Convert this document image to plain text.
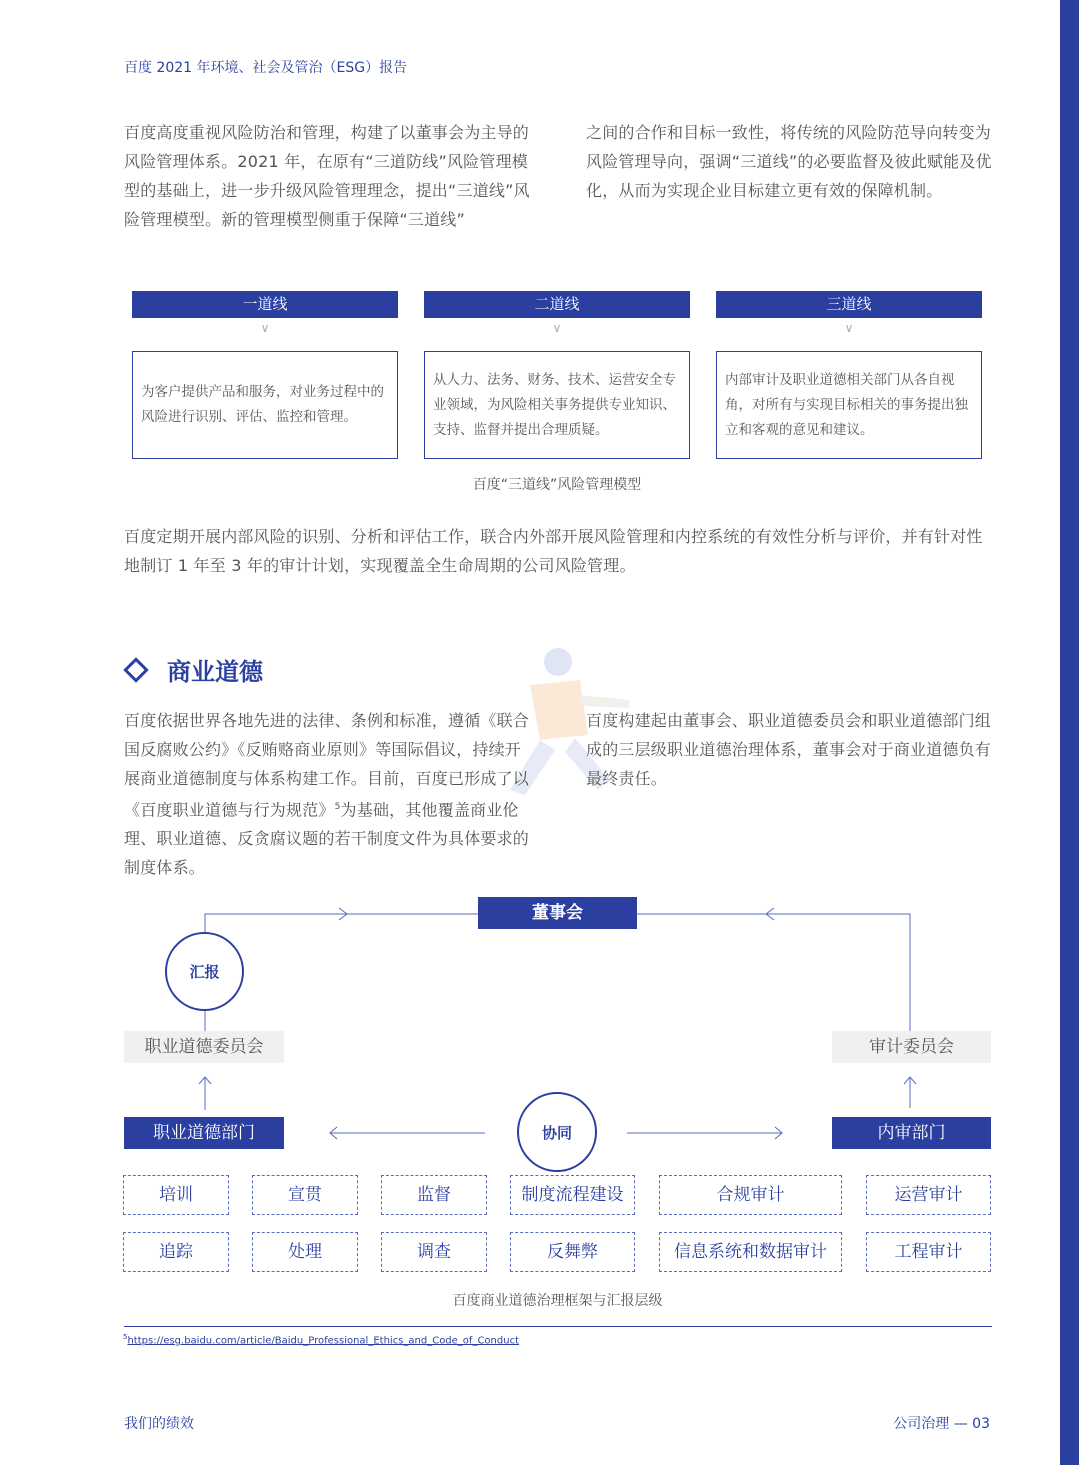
百度 2021 年环境、社会及管治（ESG）报告
百度高度重视风险防治和管理，构建了以董事会为主导的风险管理体系。2021 年，在原有“三道防线”风险管理模型的基础上，进一步升级风险管理理念，提出“三道线”风险管理模型。新的管理模型侧重于保障“三道线”
之间的合作和目标一致性，将传统的风险防范导向转变为风险管理导向，强调“三道线”的必要监督及彼此赋能及优化，从而为实现企业目标建立更有效的保障机制。
一道线	二道线	三道线
∨	∨	∨
为客户提供产品和服务，对业务过程中的风险进行识别、评估、监控和管理。
从人力、法务、财务、技术、运营安全专业领域，为风险相关事务提供专业知识、支持、监督并提出合理质疑。
内部审计及职业道德相关部门从各自视角，对所有与实现目标相关的事务提出独立和客观的意见和建议。
百度“三道线”风险管理模型
百度定期开展内部风险的识别、分析和评估工作，联合内外部开展风险管理和内控系统的有效性分析与评价，并有针对性地制订 1 年至 3 年的审计计划，实现覆盖全生命周期的公司风险管理。
商业道德
百度依据世界各地先进的法律、条例和标准，遵循《联合国反腐败公约》《反贿赂商业原则》等国际倡议，持续开展商业道德制度与体系构建工作。目前，百度已形成了以《百度职业道德与行为规范》$^5$为基础，其他覆盖商业伦理、职业道德、反贪腐议题的若干制度文件为具体要求的制度体系。
百度构建起由董事会、职业道德委员会和职业道德部门组成的三层级职业道德治理体系，董事会对于商业道德负有最终责任。
董事会
汇报
职业道德委员会	审计委员会
协同
职业道德部门	内审部门
培训	宣贯	监督	制度流程建设	合规审计	运营审计
追踪	处理	调查	反舞弊	信息系统和数据审计	工程审计
百度商业道德治理框架与汇报层级
$^5$https://esg.baidu.com/article/Baidu_Professional_Ethics_and_Code_of_Conduct
我们的绩效	公司治理 — 03
